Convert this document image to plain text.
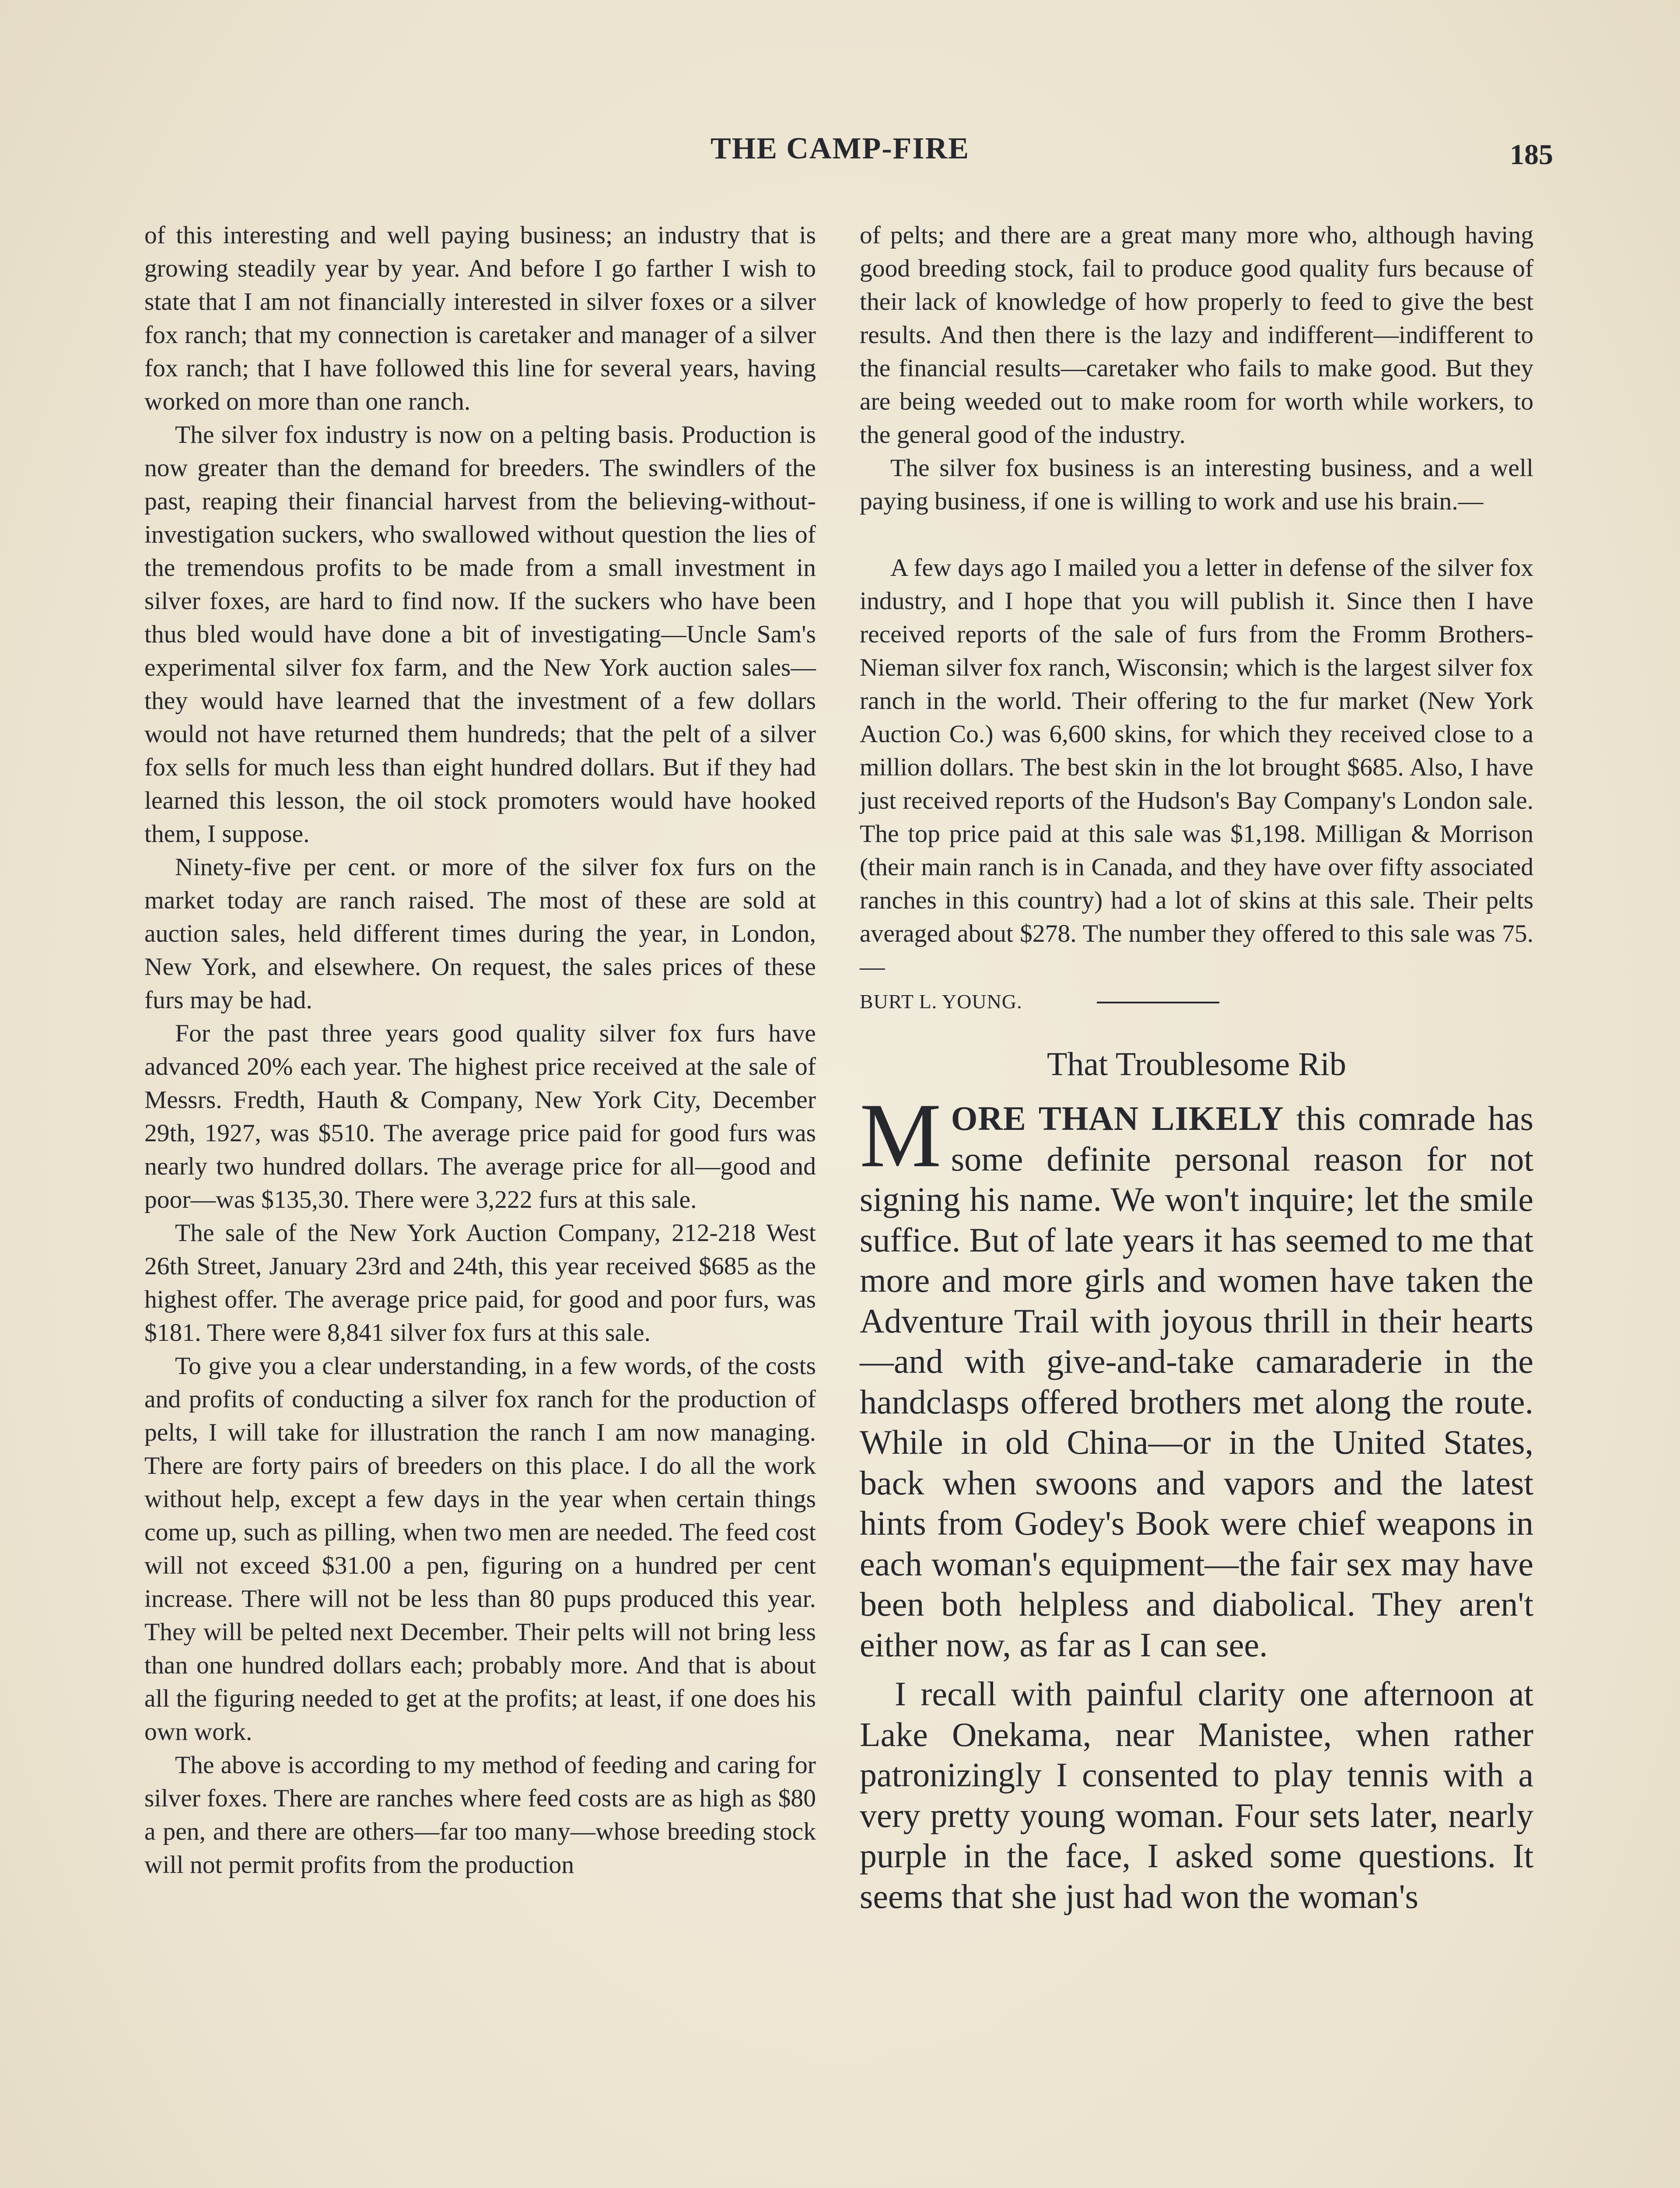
THE CAMP-FIRE	185

of this interesting and well paying business; an industry that is growing steadily year by year. And before I go farther I wish to state that I am not financially interested in silver foxes or a silver fox ranch; that my connection is caretaker and manager of a silver fox ranch; that I have followed this line for several years, having worked on more than one ranch.

The silver fox industry is now on a pelting basis. Production is now greater than the demand for breeders. The swindlers of the past, reaping their financial harvest from the believing-without-investigation suckers, who swallowed without question the lies of the tremendous profits to be made from a small investment in silver foxes, are hard to find now. If the suckers who have been thus bled would have done a bit of investigating—Uncle Sam's experimental silver fox farm, and the New York auction sales—they would have learned that the investment of a few dollars would not have returned them hundreds; that the pelt of a silver fox sells for much less than eight hundred dollars. But if they had learned this lesson, the oil stock promoters would have hooked them, I suppose.

Ninety-five per cent. or more of the silver fox furs on the market today are ranch raised. The most of these are sold at auction sales, held different times during the year, in London, New York, and elsewhere. On request, the sales prices of these furs may be had.

For the past three years good quality silver fox furs have advanced 20% each year. The highest price received at the sale of Messrs. Fredth, Hauth & Company, New York City, December 29th, 1927, was $510. The average price paid for good furs was nearly two hundred dollars. The average price for all—good and poor—was $135,30. There were 3,222 furs at this sale.

The sale of the New York Auction Company, 212-218 West 26th Street, January 23rd and 24th, this year received $685 as the highest offer. The average price paid, for good and poor furs, was $181. There were 8,841 silver fox furs at this sale.

To give you a clear understanding, in a few words, of the costs and profits of conducting a silver fox ranch for the production of pelts, I will take for illustration the ranch I am now managing. There are forty pairs of breeders on this place. I do all the work without help, except a few days in the year when certain things come up, such as pilling, when two men are needed. The feed cost will not exceed $31.00 a pen, figuring on a hundred per cent increase. There will not be less than 80 pups produced this year. They will be pelted next December. Their pelts will not bring less than one hundred dollars each; probably more. And that is about all the figuring needed to get at the profits; at least, if one does his own work.

The above is according to my method of feeding and caring for silver foxes. There are ranches where feed costs are as high as $80 a pen, and there are others—far too many—whose breeding stock will not permit profits from the production

of pelts; and there are a great many more who, although having good breeding stock, fail to produce good quality furs because of their lack of knowledge of how properly to feed to give the best results. And then there is the lazy and indifferent—indifferent to the financial results—caretaker who fails to make good. But they are being weeded out to make room for worth while workers, to the general good of the industry.

The silver fox business is an interesting business, and a well paying business, if one is willing to work and use his brain.—

A few days ago I mailed you a letter in defense of the silver fox industry, and I hope that you will publish it. Since then I have received reports of the sale of furs from the Fromm Brothers-Nieman silver fox ranch, Wisconsin; which is the largest silver fox ranch in the world. Their offering to the fur market (New York Auction Co.) was 6,600 skins, for which they received close to a million dollars. The best skin in the lot brought $685. Also, I have just received reports of the Hudson's Bay Company's London sale. The top price paid at this sale was $1,198. Milligan & Morrison (their main ranch is in Canada, and they have over fifty associated ranches in this country) had a lot of skins at this sale. Their pelts averaged about $278. The number they offered to this sale was 75.—
BURT L. YOUNG.

That Troublesome Rib

MORE THAN LIKELY this comrade has some definite personal reason for not signing his name. We won't inquire; let the smile suffice. But of late years it has seemed to me that more and more girls and women have taken the Adventure Trail with joyous thrill in their hearts—and with give-and-take camaraderie in the handclasps offered brothers met along the route. While in old China—or in the United States, back when swoons and vapors and the latest hints from Godey's Book were chief weapons in each woman's equipment—the fair sex may have been both helpless and diabolical. They aren't either now, as far as I can see.

I recall with painful clarity one afternoon at Lake Onekama, near Manistee, when rather patronizingly I consented to play tennis with a very pretty young woman. Four sets later, nearly purple in the face, I asked some questions. It seems that she just had won the woman's
